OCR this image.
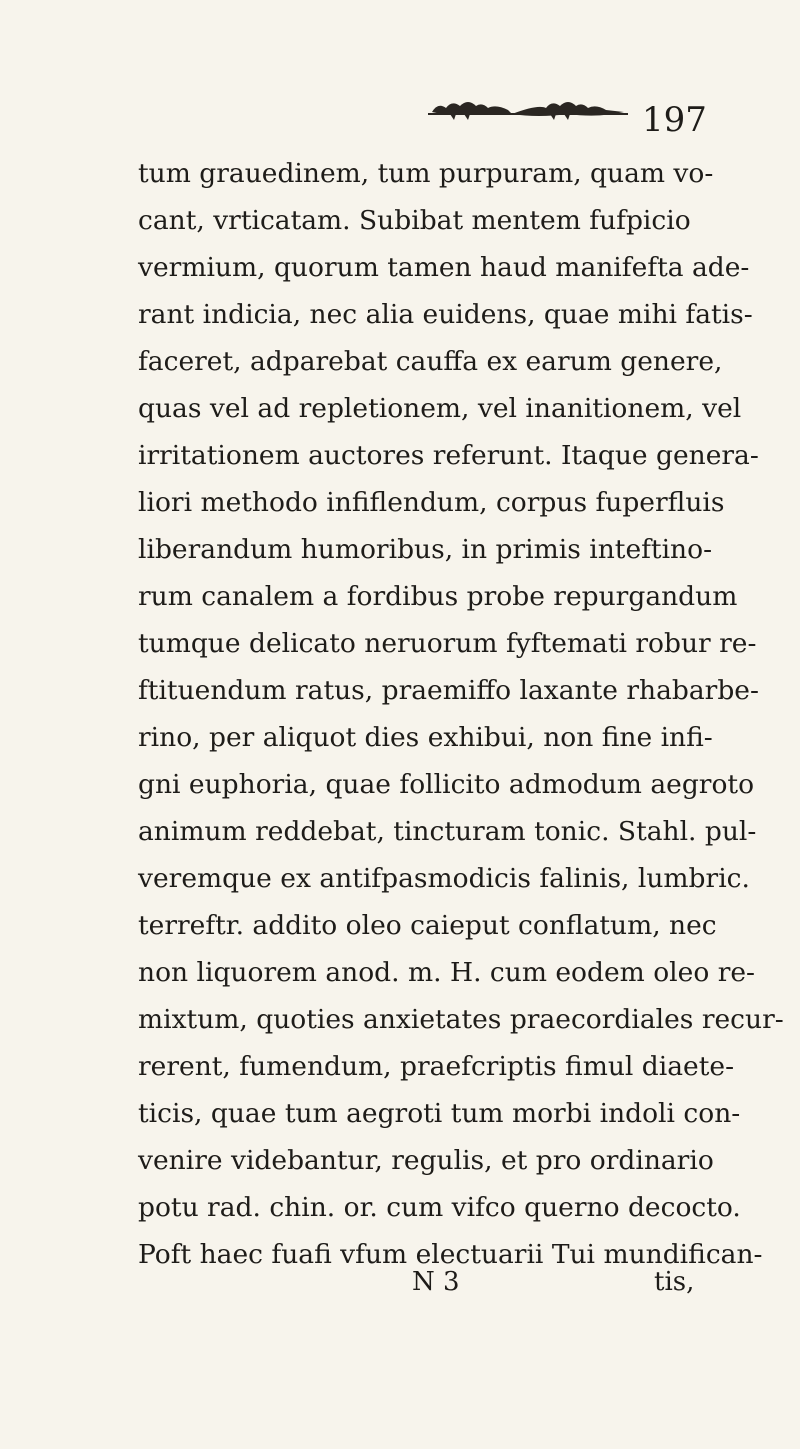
197
tum grauedinem, tum purpuram, quam vo-
cant, vrticatam. Subibat mentem fufpicio
vermium, quorum tamen haud manifefta ade-
rant indicia, nec alia euidens, quae mihi fatis-
faceret, adparebat cauffa ex earum genere,
quas vel ad repletionem, vel inanitionem, vel
irritationem auctores referunt. Itaque genera-
liori methodo infiflendum, corpus fuperfluis
liberandum humoribus, in primis inteftino-
rum canalem a fordibus probe repurgandum
tumque delicato neruorum fyftemati robur re-
ftituendum ratus, praemiffo laxante rhabarbe-
rino, per aliquot dies exhibui, non fine infi-
gni euphoria, quae follicito admodum aegroto
animum reddebat, tincturam tonic. Stahl. pul-
veremque ex antifpasmodicis falinis, lumbric.
terreftr. addito oleo caieput conflatum, nec
non liquorem anod. m. H. cum eodem oleo re-
mixtum, quoties anxietates praecordiales recur-
rerent, fumendum, praefcriptis fimul diaete-
ticis, quae tum aegroti tum morbi indoli con-
venire videbantur, regulis, et pro ordinario
potu rad. chin. or. cum vifco querno decocto.
Poft haec fuafi vfum electuarii Tui mundifican-
N 3	tis,
